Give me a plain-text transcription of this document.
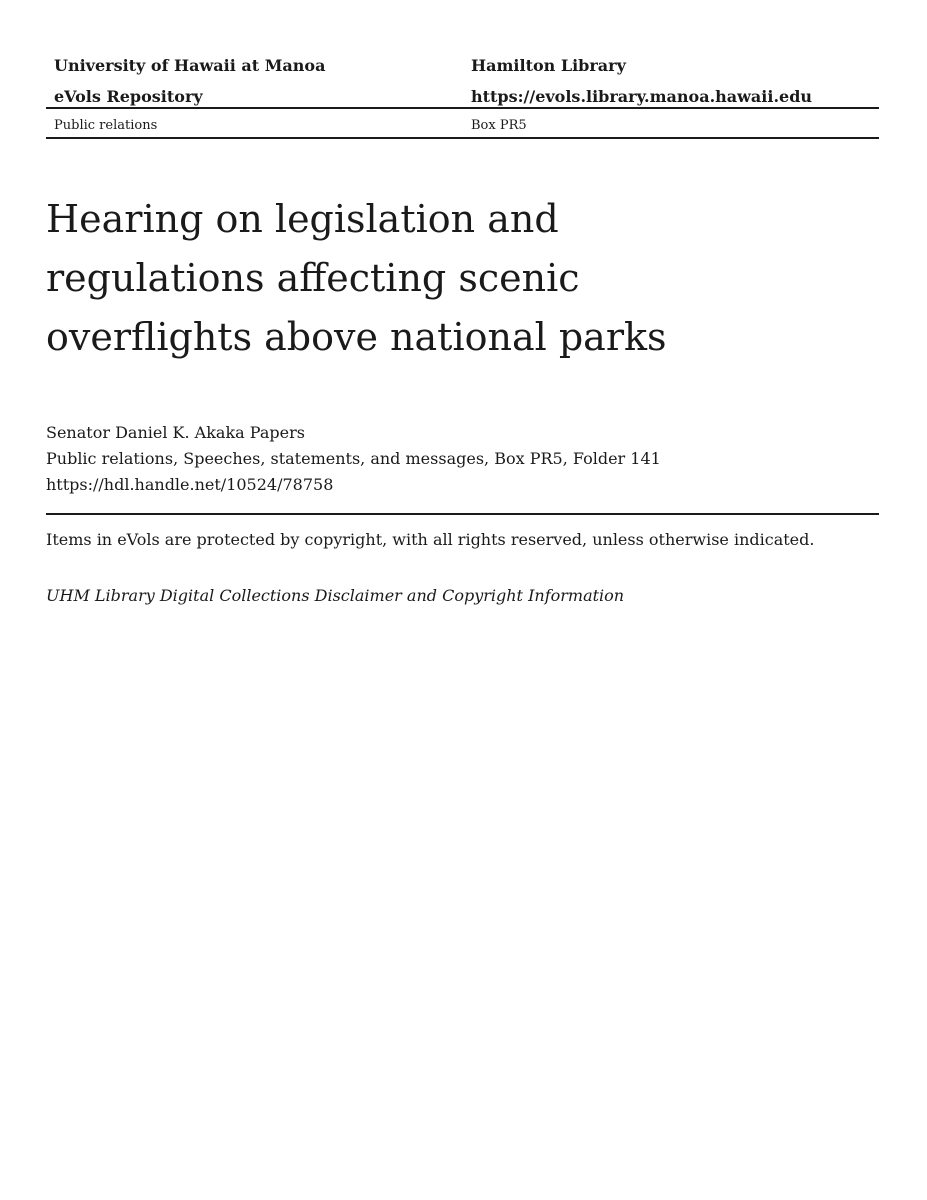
University of Hawaii at Manoa	Hamilton Library
eVols Repository	https://evols.library.manoa.hawaii.edu
Public relations	Box PR5
Hearing on legislation and
regulations affecting scenic
overflights above national parks
Senator Daniel K. Akaka Papers
Public relations, Speeches, statements, and messages, Box PR5, Folder 141
https://hdl.handle.net/10524/78758
Items in eVols are protected by copyright, with all rights reserved, unless otherwise indicated.
UHM Library Digital Collections Disclaimer and Copyright Information
